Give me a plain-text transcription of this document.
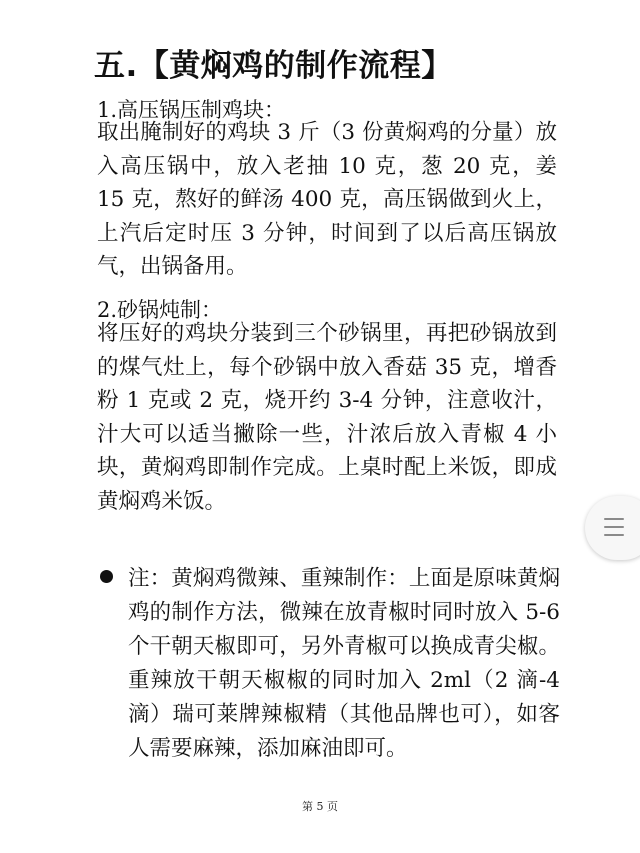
五.【黄焖鸡的制作流程】
1.高压锅压制鸡块：
取出腌制好的鸡块 3 斤（3 份黄焖鸡的分量）放入高压锅中，放入老抽 10 克，葱 20 克，姜 15 克，熬好的鲜汤 400 克，高压锅做到火上，上汽后定时压 3 分钟，时间到了以后高压锅放气，出锅备用。
2.砂锅炖制：
将压好的鸡块分装到三个砂锅里，再把砂锅放到的煤气灶上，每个砂锅中放入香菇 35 克，增香粉 1 克或 2 克，烧开约 3-4 分钟，注意收汁，汁大可以适当撇除一些，汁浓后放入青椒 4 小块，黄焖鸡即制作完成。上桌时配上米饭，即成黄焖鸡米饭。
注：黄焖鸡微辣、重辣制作：上面是原味黄焖鸡的制作方法，微辣在放青椒时同时放入 5-6 个干朝天椒即可，另外青椒可以换成青尖椒。重辣放干朝天椒椒的同时加入 2ml（2 滴-4 滴）瑞可莱牌辣椒精（其他品牌也可），如客人需要麻辣，添加麻油即可。
第 5 页
